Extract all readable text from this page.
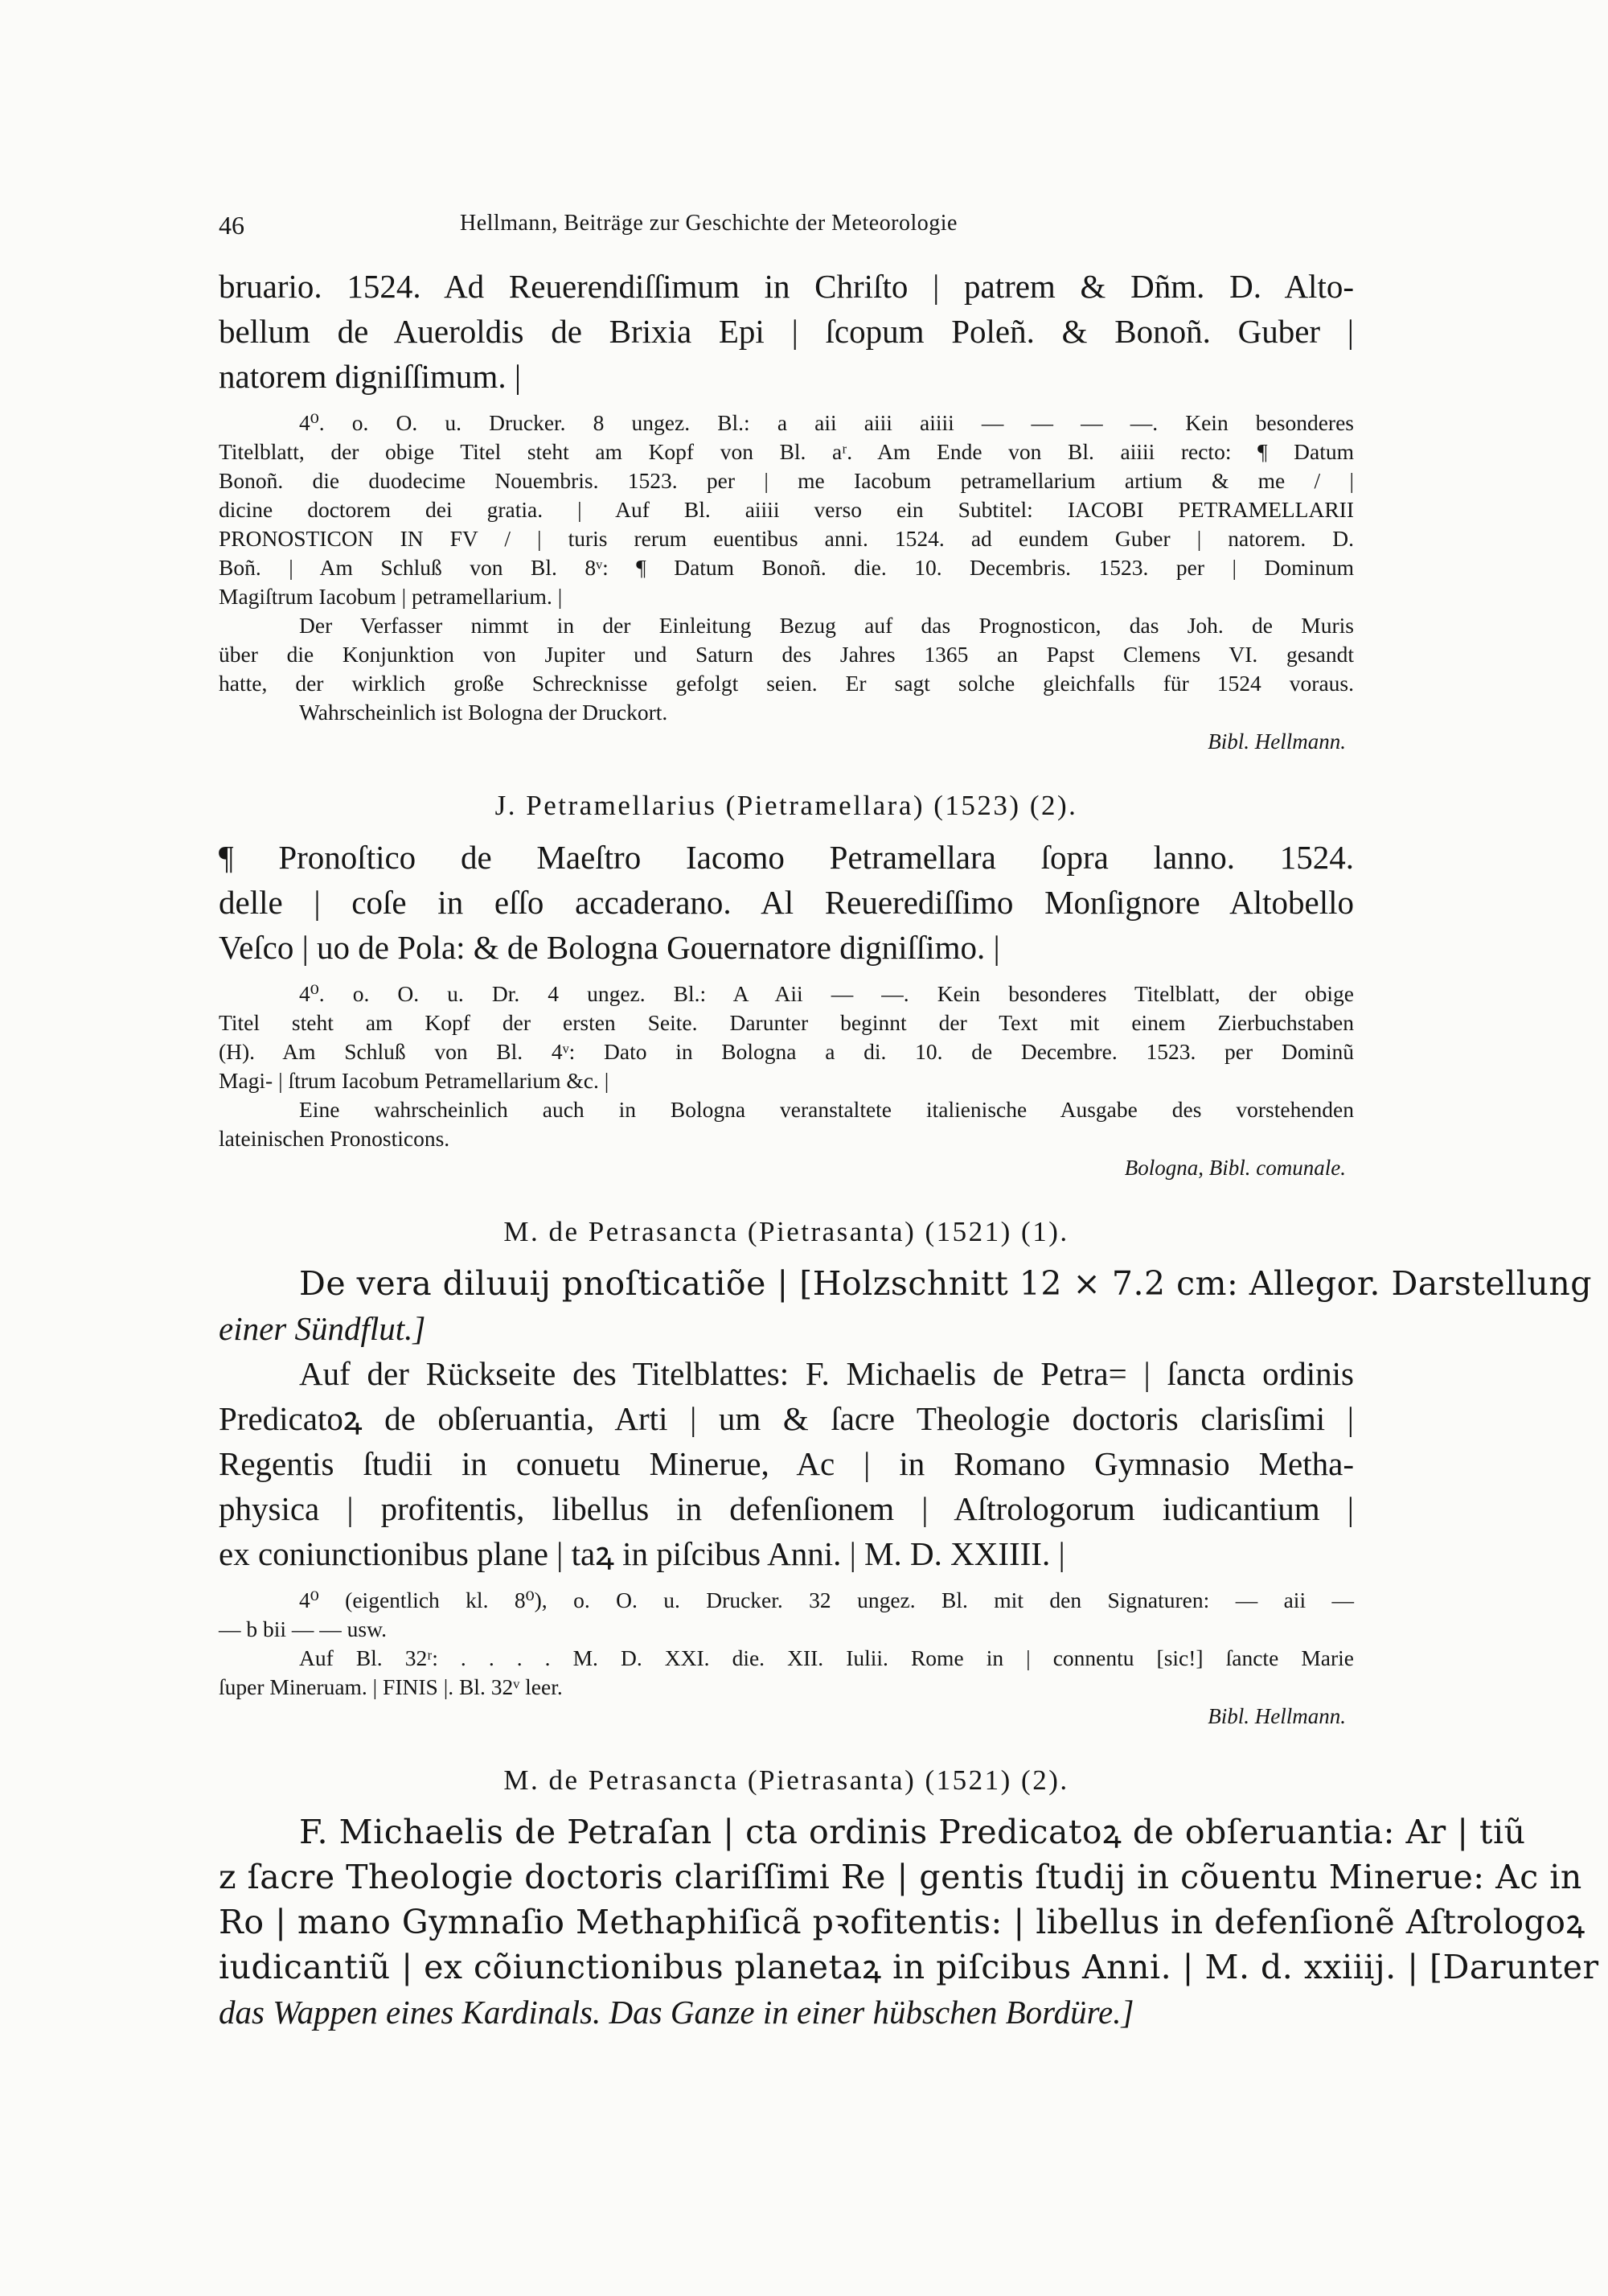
46	Hellmann, Beiträge zur Geschichte der Meteorologie
bruario. 1524. Ad Reuerendiſſimum in Chriſto | patrem & Dñm. D. Alto-
bellum de Aueroldis de Brixia Epi | ſcopum Poleñ. & Bonoñ. Guber |
natorem digniſſimum. |
4⁰. o. O. u. Drucker. 8 ungez. Bl.: a aii aiii aiiii — — — —. Kein besonderes
Titelblatt, der obige Titel steht am Kopf von Bl. aʳ. Am Ende von Bl. aiiii recto: ¶ Datum
Bonoñ. die duodecime Nouembris. 1523. per | me Iacobum petramellarium artium & me / |
dicine doctorem dei gratia. | Auf Bl. aiiii verso ein Subtitel: IACOBI PETRAMELLARII
PRONOSTICON IN FV / | turis rerum euentibus anni. 1524. ad eundem Guber | natorem. D.
Boñ. | Am Schluß von Bl. 8ᵛ: ¶ Datum Bonoñ. die. 10. Decembris. 1523. per | Dominum
Magiſtrum Iacobum | petramellarium. |
Der Verfasser nimmt in der Einleitung Bezug auf das Prognosticon, das Joh. de Muris
über die Konjunktion von Jupiter und Saturn des Jahres 1365 an Papst Clemens VI. gesandt
hatte, der wirklich große Schrecknisse gefolgt seien. Er sagt solche gleichfalls für 1524 voraus.
Wahrscheinlich ist Bologna der Druckort.
Bibl. Hellmann.
J. Petramellarius (Pietramellara) (1523) (2).
¶ Pronoſtico de Maeſtro Iacomo Petramellara ſopra lanno. 1524.
delle | coſe in eſſo accaderano. Al Reuerediſſimo Monſignore Altobello
Veſco | uo de Pola: & de Bologna Gouernatore digniſſimo. |
4⁰. o. O. u. Dr. 4 ungez. Bl.: A Aii — —. Kein besonderes Titelblatt, der obige
Titel steht am Kopf der ersten Seite. Darunter beginnt der Text mit einem Zierbuchstaben
(H). Am Schluß von Bl. 4ᵛ: Dato in Bologna a di. 10. de Decembre. 1523. per Dominũ
Magi- | ſtrum Iacobum Petramellarium &c. |
Eine wahrscheinlich auch in Bologna veranstaltete italienische Ausgabe des vorstehenden
lateinischen Pronosticons.
Bologna, Bibl. comunale.
M. de Petrasancta (Pietrasanta) (1521) (1).
De vera diluuij pnoſticatiõe | [Holzschnitt 12 × 7.2 cm: Allegor. Darstellung
einer Sündflut.]
Auf der Rückseite des Titelblattes: F. Michaelis de Petra= | ſancta ordinis
Predicatoꝝ de obſeruantia, Arti | um & ſacre Theologie doctoris clarisſimi |
Regentis ſtudii in conuetu Minerue, Ac | in Romano Gymnasio Metha-
physica | profitentis, libellus in defenſionem | Aſtrologorum iudicantium |
ex coniunctionibus plane | taꝝ in piſcibus Anni. | M. D. XXIIII. |
4⁰ (eigentlich kl. 8⁰), o. O. u. Drucker. 32 ungez. Bl. mit den Signaturen: — aii —
— b bii — — usw.
Auf Bl. 32ʳ: . . . . M. D. XXI. die. XII. Iulii. Rome in | connentu [sic!] ſancte Marie
ſuper Mineruam. | FINIS |. Bl. 32ᵛ leer.
Bibl. Hellmann.
M. de Petrasancta (Pietrasanta) (1521) (2).
F. Michaelis de Petraſan | cta ordinis Predicatoꝝ de obſeruantia: Ar | tiũ
z ſacre Theologie doctoris clariſſimi Re | gentis ſtudij in cõuentu Minerue: Ac in
Ro | mano Gymnaſio Methaphiſicã pꝛofitentis: | libellus in defenſionẽ Aſtrologoꝝ
iudicantiũ | ex cõiunctionibus planetaꝝ in piſcibus Anni. | M. d. xxiiij. | [Darunter
das Wappen eines Kardinals. Das Ganze in einer hübschen Bordüre.]
